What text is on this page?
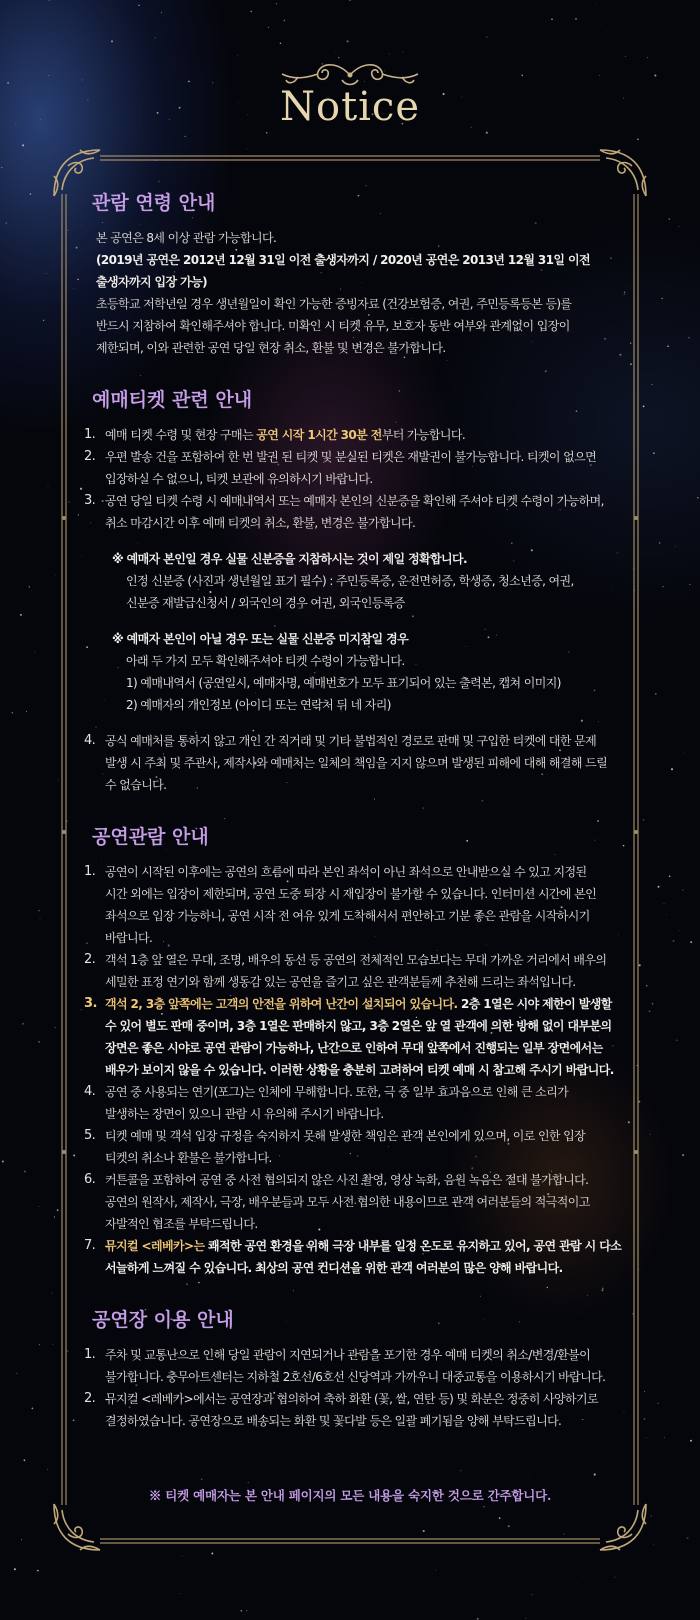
Notice
관람 연령 안내
본 공연은 8세 이상 관람 가능합니다.
(2019년 공연은 2012년 12월 31일 이전 출생자까지 / 2020년 공연은 2013년 12월 31일 이전
출생자까지 입장 가능)
초등학교 저학년일 경우 생년월일이 확인 가능한 증빙자료 (건강보험증, 여권, 주민등록등본 등)를
반드시 지참하여 확인해주셔야 합니다. 미확인 시 티켓 유무, 보호자 동반 여부와 관계없이 입장이
제한되며, 이와 관련한 공연 당일 현장 취소, 환불 및 변경은 불가합니다.
예매티켓 관련 안내
1. 예매 티켓 수령 및 현장 구매는 공연 시작 1시간 30분 전부터 가능합니다.
2. 우편 발송 건을 포함하여 한 번 발권 된 티켓 및 분실된 티켓은 재발권이 불가능합니다. 티켓이 없으면
입장하실 수 없으니, 티켓 보관에 유의하시기 바랍니다.
3. 공연 당일 티켓 수령 시 예매내역서 또는 예매자 본인의 신분증을 확인해 주셔야 티켓 수령이 가능하며,
취소 마감시간 이후 예매 티켓의 취소, 환불, 변경은 불가합니다.
※ 예매자 본인일 경우 실물 신분증을 지참하시는 것이 제일 정확합니다.
인정 신분증 (사진과 생년월일 표기 필수) : 주민등록증, 운전면허증, 학생증, 청소년증, 여권,
신분증 재발급신청서 / 외국인의 경우 여권, 외국인등록증
※ 예매자 본인이 아닐 경우 또는 실물 신분증 미지참일 경우
아래 두 가지 모두 확인해주셔야 티켓 수령이 가능합니다.
1) 예매내역서 (공연일시, 예매자명, 예매번호가 모두 표기되어 있는 출력본, 캡쳐 이미지)
2) 예매자의 개인정보 (아이디 또는 연락처 뒤 네 자리)
4. 공식 예매처를 통하지 않고 개인 간 직거래 및 기타 불법적인 경로로 판매 및 구입한 티켓에 대한 문제
발생 시 주최 및 주관사, 제작사와 예매처는 일체의 책임을 지지 않으며 발생된 피해에 대해 해결해 드릴
수 없습니다.
공연관람 안내
1. 공연이 시작된 이후에는 공연의 흐름에 따라 본인 좌석이 아닌 좌석으로 안내받으실 수 있고 지정된
시간 외에는 입장이 제한되며, 공연 도중 퇴장 시 재입장이 불가할 수 있습니다. 인터미션 시간에 본인
좌석으로 입장 가능하니, 공연 시작 전 여유 있게 도착해서서 편안하고 기분 좋은 관람을 시작하시기
바랍니다.
2. 객석 1층 앞 열은 무대, 조명, 배우의 동선 등 공연의 전체적인 모습보다는 무대 가까운 거리에서 배우의
세밀한 표정 연기와 함께 생동감 있는 공연을 즐기고 싶은 관객분들께 추천해 드리는 좌석입니다.
3. 객석 2, 3층 앞쪽에는 고객의 안전을 위하여 난간이 설치되어 있습니다. 2층 1열은 시야 제한이 발생할
수 있어 별도 판매 중이며, 3층 1열은 판매하지 않고, 3층 2열은 앞 열 관객에 의한 방해 없이 대부분의
장면은 좋은 시야로 공연 관람이 가능하나, 난간으로 인하여 무대 앞쪽에서 진행되는 일부 장면에서는
배우가 보이지 않을 수 있습니다. 이러한 상황을 충분히 고려하여 티켓 예매 시 참고해 주시기 바랍니다.
4. 공연 중 사용되는 연기(포그)는 인체에 무해합니다. 또한, 극 중 일부 효과음으로 인해 큰 소리가
발생하는 장면이 있으니 관람 시 유의해 주시기 바랍니다.
5. 티켓 예매 및 객석 입장 규정을 숙지하지 못해 발생한 책임은 관객 본인에게 있으며, 이로 인한 입장
티켓의 취소나 환불은 불가합니다.
6. 커튼콜을 포함하여 공연 중 사전 협의되지 않은 사진 촬영, 영상 녹화, 음원 녹음은 절대 불가합니다.
공연의 원작사, 제작사, 극장, 배우분들과 모두 사전 협의한 내용이므로 관객 여러분들의 적극적이고
자발적인 협조를 부탁드립니다.
7. 뮤지컬 <레베카>는 쾌적한 공연 환경을 위해 극장 내부를 일정 온도로 유지하고 있어, 공연 관람 시 다소
서늘하게 느껴질 수 있습니다. 최상의 공연 컨디션을 위한 관객 여러분의 많은 양해 바랍니다.
공연장 이용 안내
1. 주차 및 교통난으로 인해 당일 관람이 지연되거나 관람을 포기한 경우 예매 티켓의 취소/변경/환불이
불가합니다. 충무아트센터는 지하철 2호선/6호선 신당역과 가까우니 대중교통을 이용하시기 바랍니다.
2. 뮤지컬 <레베카>에서는 공연장과 협의하여 축하 화환 (꽃, 쌀, 연탄 등) 및 화분은 정중히 사양하기로
결정하였습니다. 공연장으로 배송되는 화환 및 꽃다발 등은 일괄 폐기됨을 양해 부탁드립니다.
※ 티켓 예매자는 본 안내 페이지의 모든 내용을 숙지한 것으로 간주합니다.
